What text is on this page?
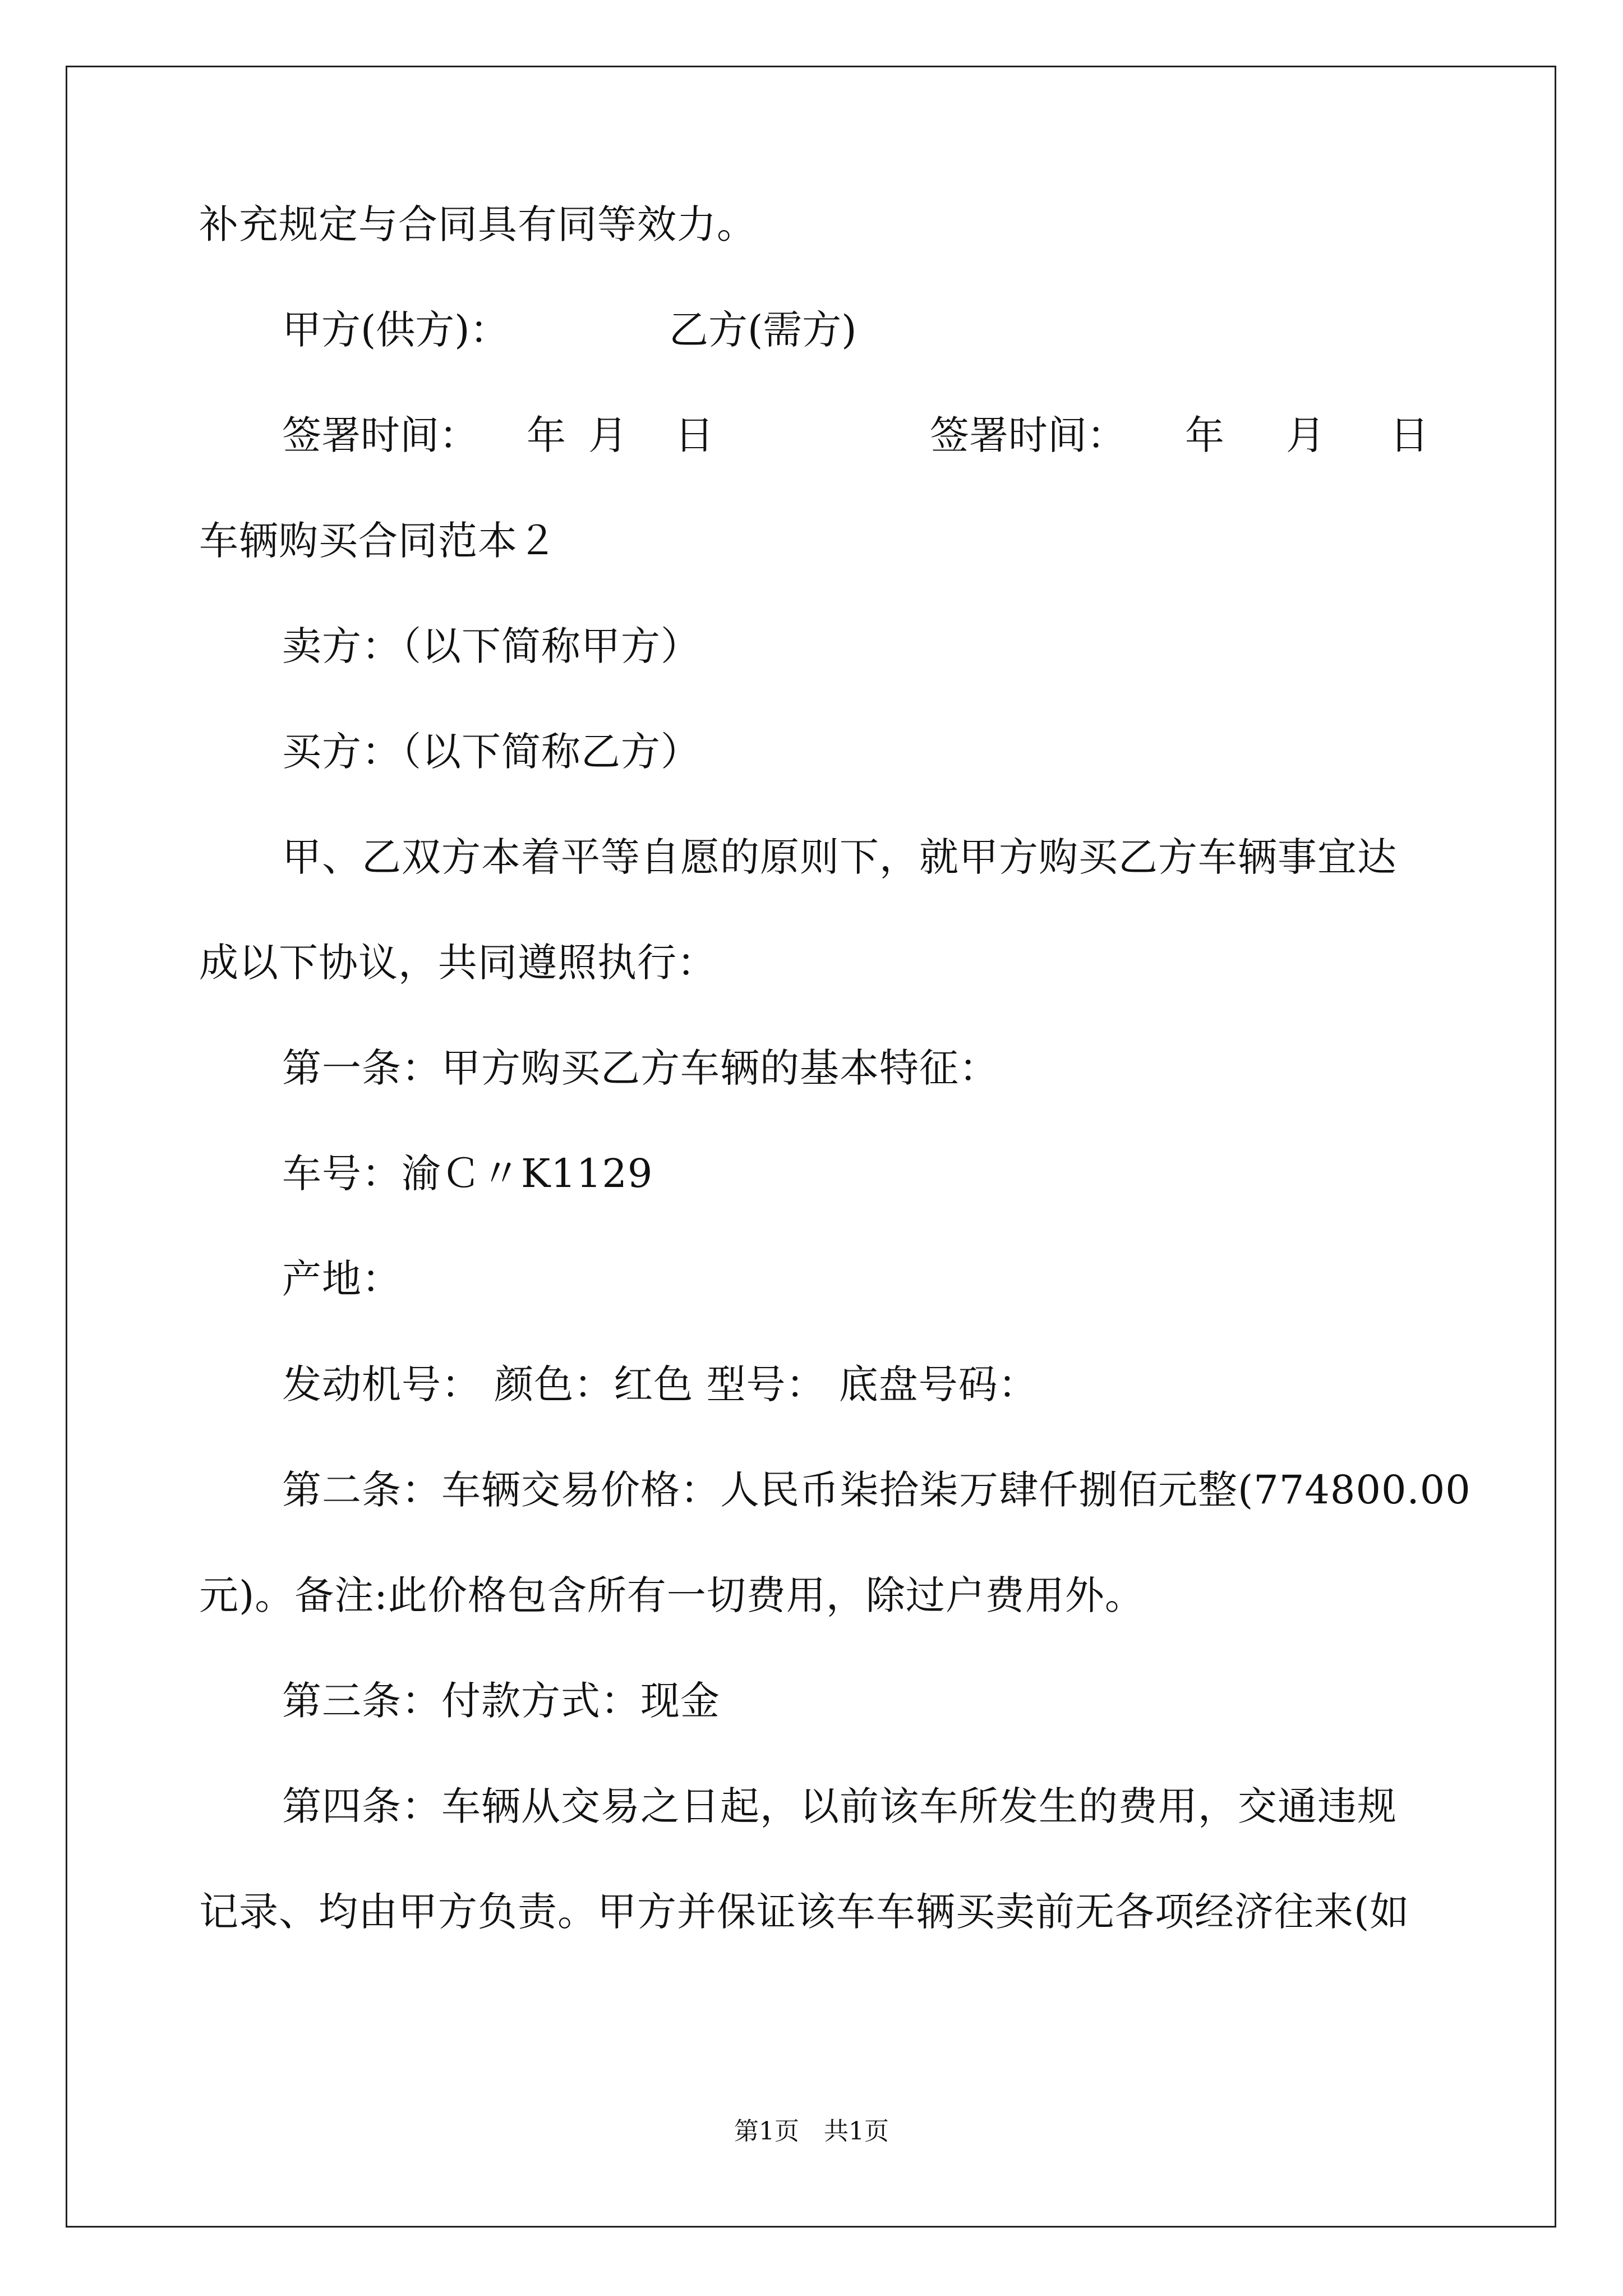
补充规定与合同具有同等效力。
甲方(供方)：	乙方(需方)
签署时间： 年 月 日	签署时间： 年 月 日
车辆购买合同范本２
卖方：（以下简称甲方）
买方：（以下简称乙方）
甲、乙双方本着平等自愿的原则下，就甲方购买乙方车辆事宜达
成以下协议，共同遵照执行：
第一条：甲方购买乙方车辆的基本特征：
车号：渝Ｃ〃K1129
产地：
发动机号： 颜色：红色 型号： 底盘号码：
第二条：车辆交易价格：人民币柒拾柒万肆仟捌佰元整(774800.00
元)。备注:此价格包含所有一切费用，除过户费用外。
第三条：付款方式：现金
第四条：车辆从交易之日起，以前该车所发生的费用，交通违规
记录、均由甲方负责。甲方并保证该车车辆买卖前无各项经济往来(如
第1页　共1页
